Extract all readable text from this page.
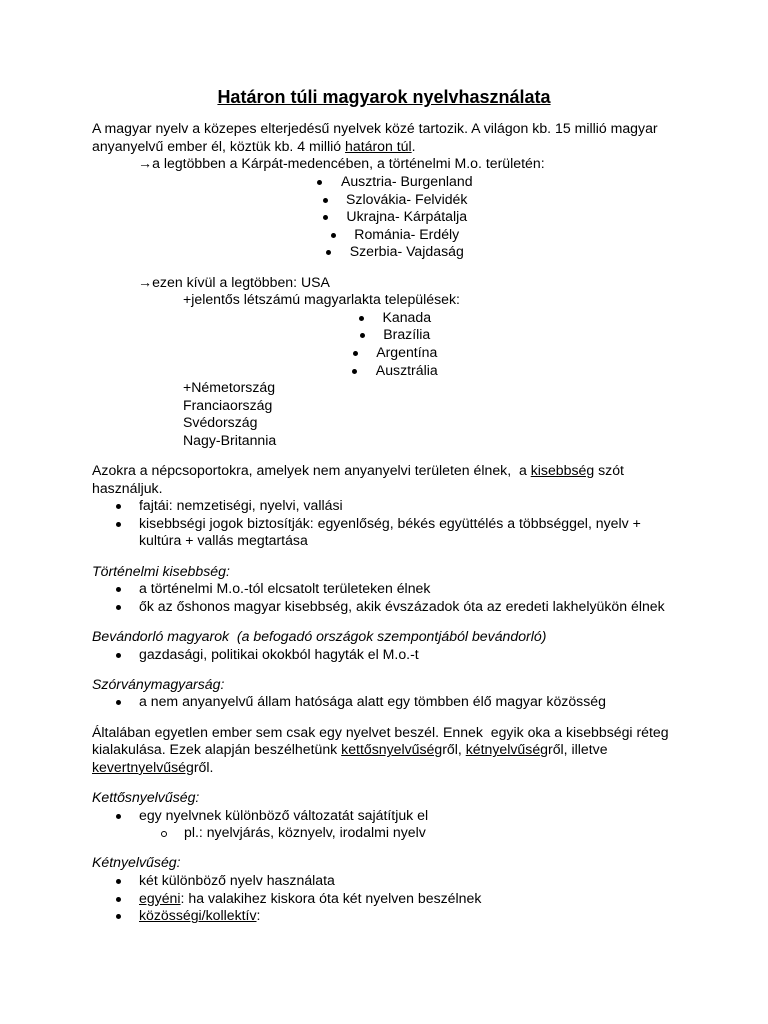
Határon túli magyarok nyelvhasználata
A magyar nyelv a közepes elterjedésű nyelvek közé tartozik. A világon kb. 15 millió magyar anyanyelvű ember él, köztük kb. 4 millió határon túl.
→a legtöbben a Kárpát-medencében, a történelmi M.o. területén:
Ausztria- Burgenland
Szlovákia- Felvidék
Ukrajna- Kárpátalja
Románia- Erdély
Szerbia- Vajdaság
→ezen kívül a legtöbben: USA
+jelentős létszámú magyarlakta települések:
Kanada
Brazília
Argentína
Ausztrália
+Németország
Franciaország
Svédország
Nagy-Britannia
Azokra a népcsoportokra, amelyek nem anyanyelvi területen élnek,  a kisebbség szót használjuk.
fajtái: nemzetiségi, nyelvi, vallási
kisebbségi jogok biztosítják: egyenlőség, békés együttélés a többséggel, nyelv + kultúra + vallás megtartása
Történelmi kisebbség:
a történelmi M.o.-tól elcsatolt területeken élnek
ők az őshonos magyar kisebbség, akik évszázadok óta az eredeti lakhelyükön élnek
Bevándorló magyarok  (a befogadó országok szempontjából bevándorló)
gazdasági, politikai okokból hagyták el M.o.-t
Szórványmagyarság:
a nem anyanyelvű állam hatósága alatt egy tömbben élő magyar közösség
Általában egyetlen ember sem csak egy nyelvet beszél. Ennek  egyik oka a kisebbségi réteg kialakulása. Ezek alapján beszélhetünk kettősnyelvűségről, kétnyelvűségről, illetve kevertnyelvűségről.
Kettősnyelvűség:
egy nyelvnek különböző változatát sajátítjuk el
pl.: nyelvjárás, köznyelv, irodalmi nyelv
Kétnyelvűség:
két különböző nyelv használata
egyéni: ha valakihez kiskora óta két nyelven beszélnek
közösségi/kollektív:
